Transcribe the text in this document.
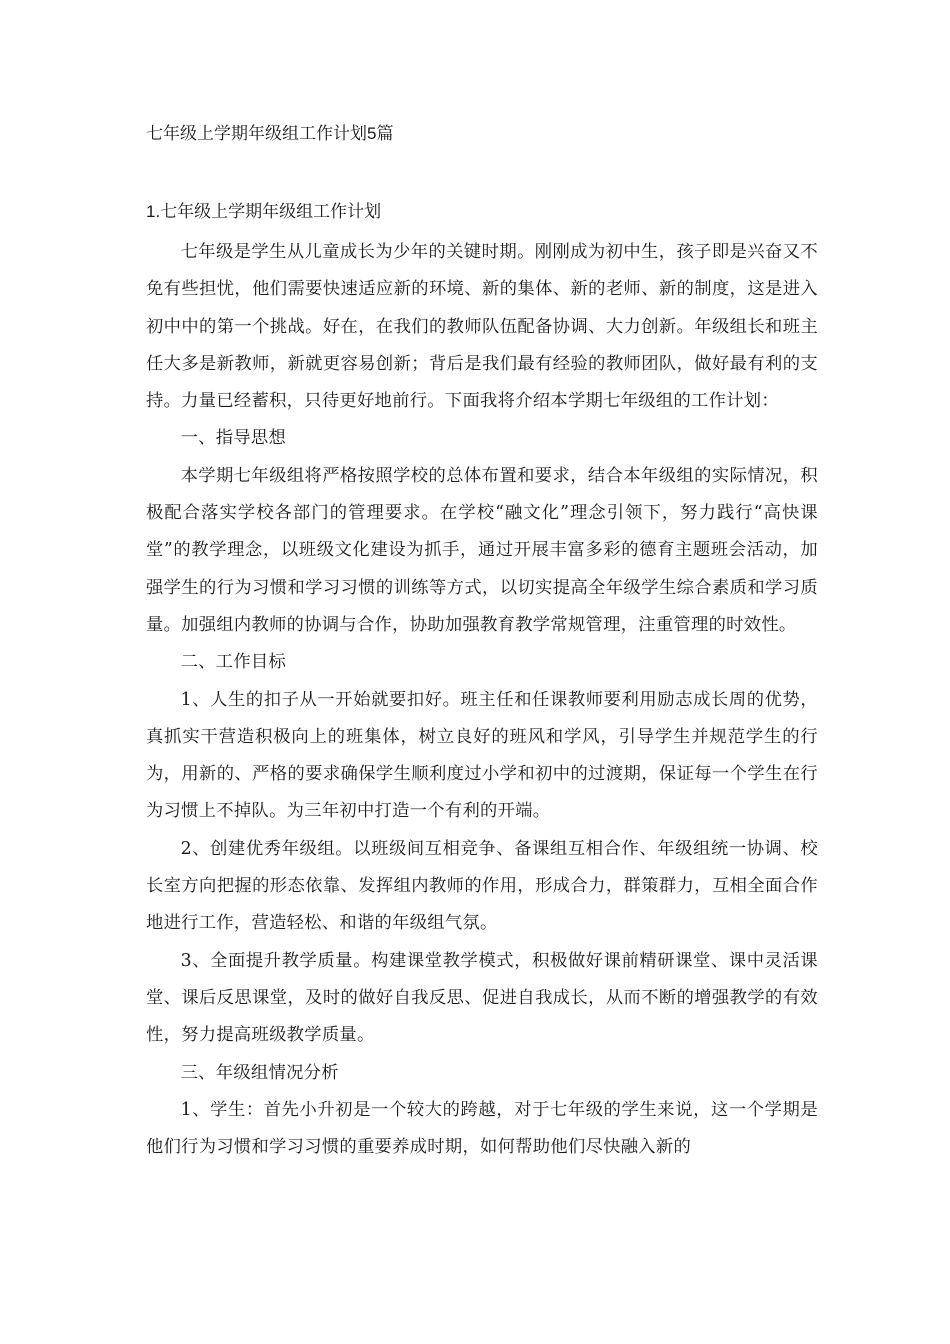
七年级上学期年级组工作计划5篇
1.七年级上学期年级组工作计划

七年级是学生从儿童成长为少年的关键时期。刚刚成为初中生，孩子即是兴奋又不免有些担忧，他们需要快速适应新的环境、新的集体、新的老师、新的制度，这是进入初中中的第一个挑战。好在，在我们的教师队伍配备协调、大力创新。年级组长和班主任大多是新教师，新就更容易创新；背后是我们最有经验的教师团队，做好最有利的支持。力量已经蓄积，只待更好地前行。下面我将介绍本学期七年级组的工作计划：

一、指导思想

本学期七年级组将严格按照学校的总体布置和要求，结合本年级组的实际情况，积极配合落实学校各部门的管理要求。在学校“融文化”理念引领下，努力践行“高快课堂”的教学理念，以班级文化建设为抓手，通过开展丰富多彩的德育主题班会活动，加强学生的行为习惯和学习习惯的训练等方式，以切实提高全年级学生综合素质和学习质量。加强组内教师的协调与合作，协助加强教育教学常规管理，注重管理的时效性。

二、工作目标

1、人生的扣子从一开始就要扣好。班主任和任课教师要利用励志成长周的优势，真抓实干营造积极向上的班集体，树立良好的班风和学风，引导学生并规范学生的行为，用新的、严格的要求确保学生顺利度过小学和初中的过渡期，保证每一个学生在行为习惯上不掉队。为三年初中打造一个有利的开端。

2、创建优秀年级组。以班级间互相竞争、备课组互相合作、年级组统一协调、校长室方向把握的形态依靠、发挥组内教师的作用，形成合力，群策群力，互相全面合作地进行工作，营造轻松、和谐的年级组气氛。

3、全面提升教学质量。构建课堂教学模式，积极做好课前精研课堂、课中灵活课堂、课后反思课堂，及时的做好自我反思、促进自我成长，从而不断的增强教学的有效性，努力提高班级教学质量。

三、年级组情况分析

1、学生：首先小升初是一个较大的跨越，对于七年级的学生来说，这一个学期是他们行为习惯和学习习惯的重要养成时期，如何帮助他们尽快融入新的
